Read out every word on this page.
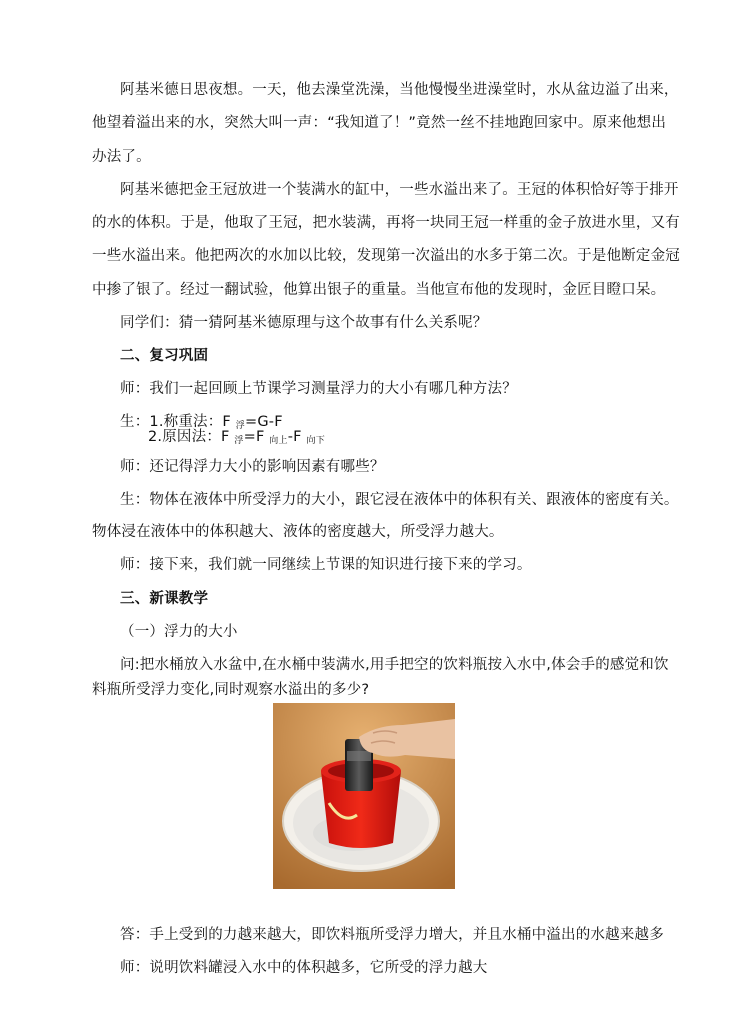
阿基米德日思夜想。一天，他去澡堂洗澡，当他慢慢坐进澡堂时，水从盆边溢了出来，
他望着溢出来的水，突然大叫一声：“我知道了！”竟然一丝不挂地跑回家中。原来他想出
办法了。
阿基米德把金王冠放进一个装满水的缸中，一些水溢出来了。王冠的体积恰好等于排开
的水的体积。于是，他取了王冠，把水装满，再将一块同王冠一样重的金子放进水里，又有
一些水溢出来。他把两次的水加以比较，发现第一次溢出的水多于第二次。于是他断定金冠
中掺了银了。经过一翻试验，他算出银子的重量。当他宣布他的发现时，金匠目瞪口呆。
同学们：猜一猜阿基米德原理与这个故事有什么关系呢？
二、复习巩固
师：我们一起回顾上节课学习测量浮力的大小有哪几种方法？
生：1.称重法：F $_浮$=G-F
2.原因法：F $_浮$=F $_{向上}$-F $_{向下}$
师：还记得浮力大小的影响因素有哪些？
生：物体在液体中所受浮力的大小，跟它浸在液体中的体积有关、跟液体的密度有关。
物体浸在液体中的体积越大、液体的密度越大，所受浮力越大。
师：接下来，我们就一同继续上节课的知识进行接下来的学习。
三、新课教学
（一）浮力的大小
问:把水桶放入水盆中,在水桶中装满水,用手把空的饮料瓶按入水中,体会手的感觉和饮
料瓶所受浮力变化,同时观察水溢出的多少?
答：手上受到的力越来越大，即饮料瓶所受浮力增大，并且水桶中溢出的水越来越多
师：说明饮料罐浸入水中的体积越多，它所受的浮力越大
